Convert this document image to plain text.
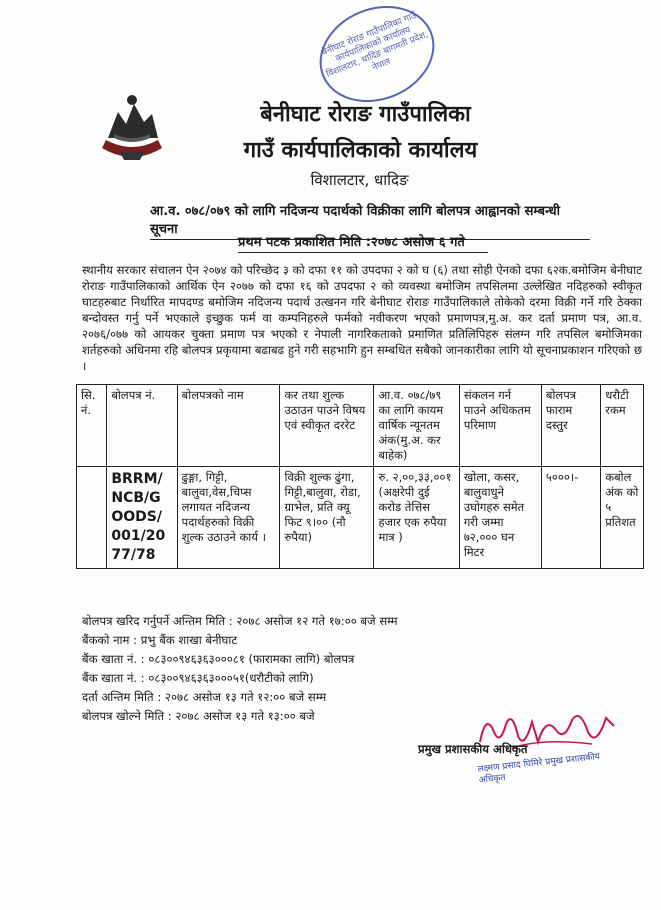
बेनीघाट रोराङ गाउँपालिका गाउँ कार्यपालिकाको कार्यालय विशालटार, धादिङ बागमती प्रदेश, नेपाल
बेनीघाट रोराङ गाउँपालिका
गाउँ कार्यपालिकाको कार्यालय
विशालटार, धादिङ
आ.व. ०७८/०७९ को लागि नदिजन्य पदार्थको विक्रीका लागि बोलपत्र आह्वानको सम्बन्धी सूचना
प्रथम पटक प्रकाशित मिति :२०७८ असोज ६ गते
स्थानीय सरकार संचालन ऐन २०७४ को परिच्छेद ३ को दफा ११ को उपदफा २ को घ (६) तथा सोही ऐनको दफा ६२क.बमोजिम बेनीघाट रोराङ गाउँपालिकाको आर्थिक ऐन २०७७ को दफा १६ को उपदफा २ को व्यवस्था बमोजिम तपसिलमा उल्लेखित नदिहरुको स्वीकृत घाटहरुबाट निर्धारित मापदण्ड बमोजिम नदिजन्य पदार्थ उत्खनन गरि बेनीघाट रोराङ गाउँपालिकाले तोकेको दरमा विक्री गर्ने गरि ठेक्का बन्दोवस्त गर्नु पर्ने भएकाले इच्छुक फर्म वा कम्पनिहरुले फर्मको नवीकरण भएको प्रमाणपत्र,मु.अ. कर दर्ता प्रमाण पत्र, आ.व. २०७६/०७७ को आयकर चुक्ता प्रमाण पत्र भएको र नेपाली नागरिकताको प्रमाणित प्रतिलिपिहरु संलग्न गरि तपसिल बमोजिमका शर्तहरुको अधिनमा रहि बोलपत्र प्रकृयामा बढाबढ हुने गरी सहभागि हुन सम्बधित सबैको जानकारीका लागि यो सूचनाप्रकाशन गरिएको छ ।
सि. नं.	बोलपत्र नं.	बोलपत्रको नाम	कर तथा शुल्क उठाउन पाउने विषय एवं स्वीकृत दररेट	आ.व. ०७८/७९ का लागि कायम वार्षिक न्यूनतम अंक(मु.अ. कर बाहेक)	संकलन गर्न पाउने अधिकतम परिमाण	बोलपत्र फाराम दस्तुर	धरौटी रकम
	BRRM/ NCB/G OODS/ 001/20 77/78	ढुङ्गा, गिट्टी, बालुवा,वेस,चिप्स लगायत नदिजन्य पदार्थहरुको विक्री शुल्क उठाउने कार्य ।	विक्री शुल्क ढुंगा, गिट्टी,बालुवा, रोडा, ग्राभेल, प्रति क्यू फिट ९।०० (नौ रुपैया)	रु. २,००,३३,००१ (अक्षरेपी दुई करोड तेत्तिस हजार एक रुपैया मात्र )	खोला, कसर, बालुवाधुने उघोगहरु समेत गरी जम्मा ७२,००० घन मिटर	५०००।-	कबोल अंक को ५ प्रतिशत
बोलपत्र खरिद गर्नुपर्ने अन्तिम मिति : २०७८ असोज १२ गते १७:०० बजे सम्म
बैंकको नाम : प्रभु बैंक शाखा बेनीघाट
बैंक खाता नं. : ०८३००९४६३६३०००८१ (फारामका लागि) बोलपत्र
बैंक खाता नं. : ०८३००९४६३६३०००५१(धरौटीको लागि)
दर्ता अन्तिम मिति : २०७८ असोज १३ गते १२:०० बजे सम्म
बोलपत्र खोल्ने मिति : २०७८ असोज १३ गते १३:०० बजे
प्रमुख प्रशासकीय अधिकृत
लक्ष्मण प्रसाद घिमिरे प्रमुख प्रशासकीय अधिकृत
